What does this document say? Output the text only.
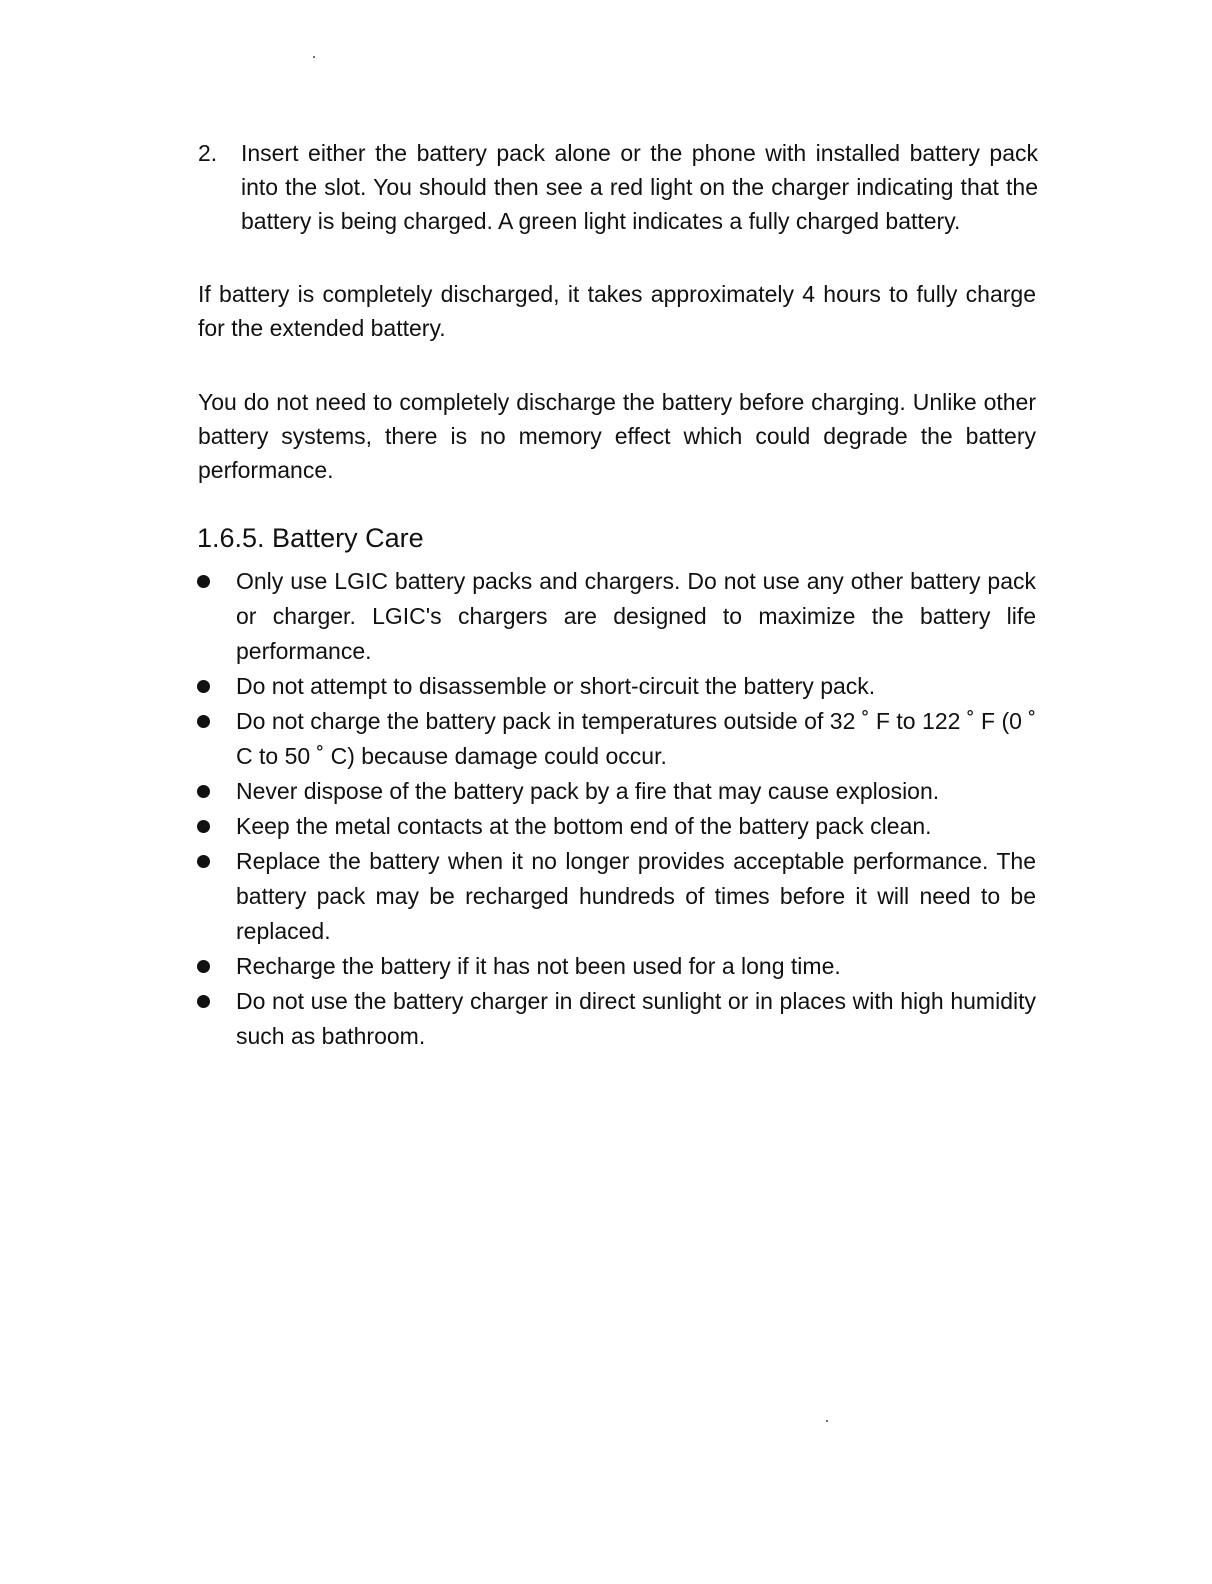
2. Insert either the battery pack alone or the phone with installed battery pack into the slot. You should then see a red light on the charger indicating that the battery is being charged. A green light indicates a fully charged battery.

If battery is completely discharged, it takes approximately 4 hours to fully charge for the extended battery.

You do not need to completely discharge the battery before charging. Unlike other battery systems, there is no memory effect which could degrade the battery performance.

1.6.5. Battery Care
Only use LGIC battery packs and chargers. Do not use any other battery pack or charger. LGIC's chargers are designed to maximize the battery life performance.
Do not attempt to disassemble or short-circuit the battery pack.
Do not charge the battery pack in temperatures outside of 32 ˚ F to 122 ˚ F (0 ˚ C to 50 ˚ C) because damage could occur.
Never dispose of the battery pack by a fire that may cause explosion.
Keep the metal contacts at the bottom end of the battery pack clean.
Replace the battery when it no longer provides acceptable performance. The battery pack may be recharged hundreds of times before it will need to be replaced.
Recharge the battery if it has not been used for a long time.
Do not use the battery charger in direct sunlight or in places with high humidity such as bathroom.
